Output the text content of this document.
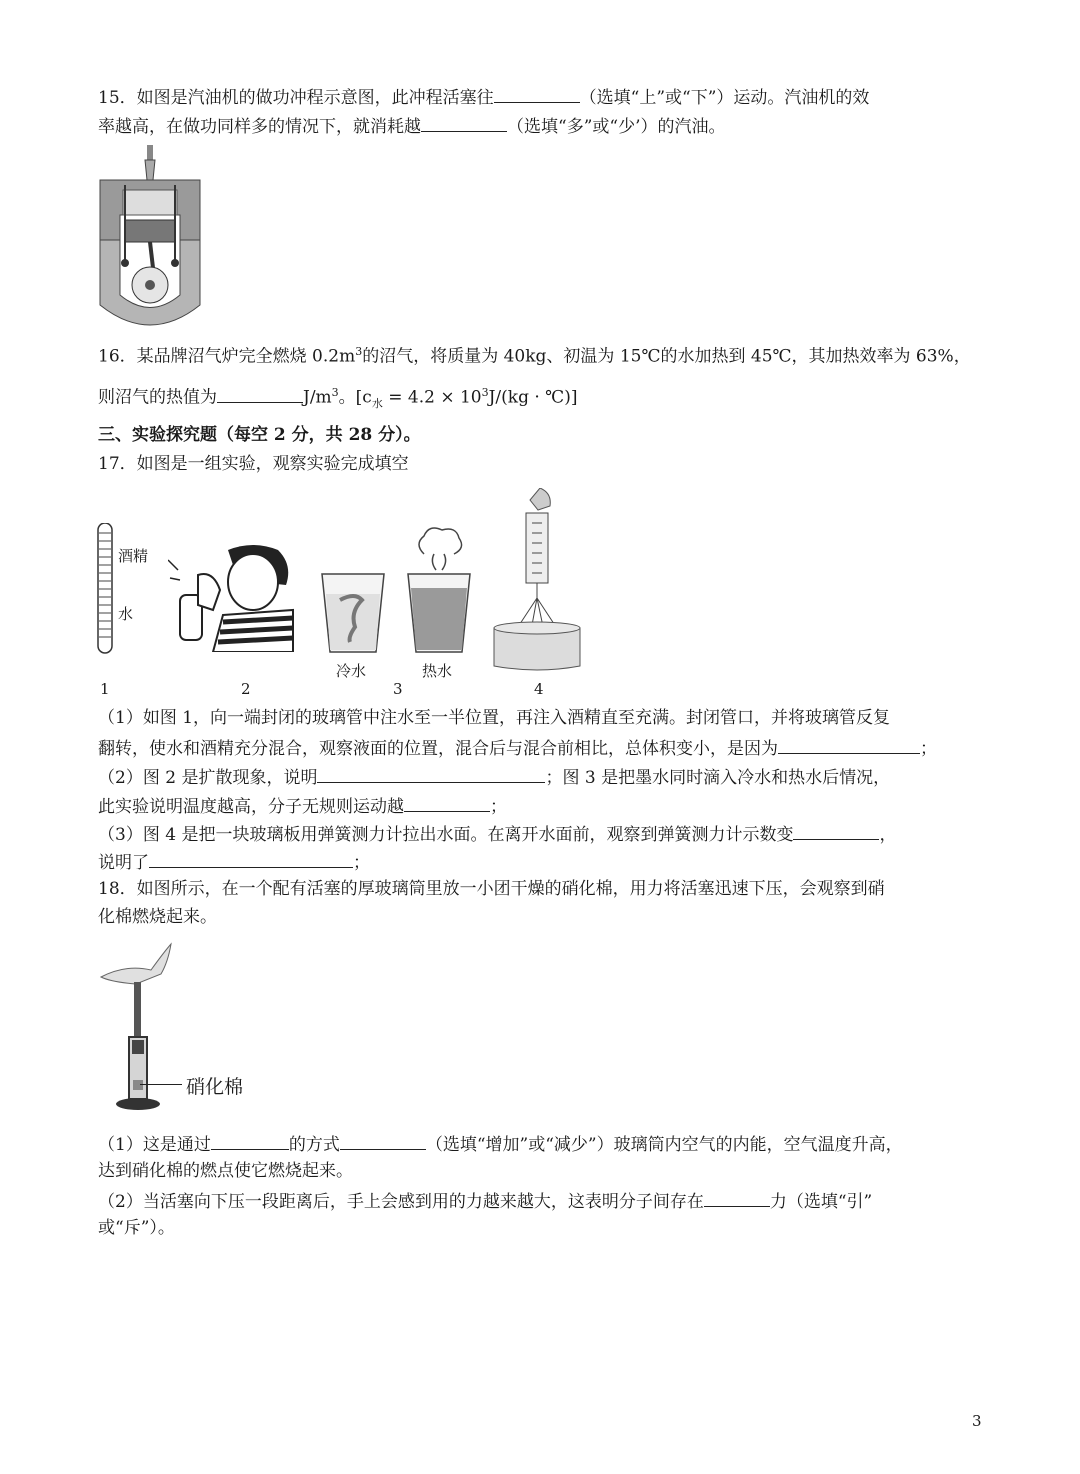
15．如图是汽油机的做功冲程示意图，此冲程活塞往	（选填“上”或“下”）运动。汽油机的效
率越高，在做功同样多的情况下，就消耗越	（选填“多”或“少’）的汽油。
16．某品牌沼气炉完全燃烧 $0.2m^3$的沼气，将质量为 40kg、初温为 15℃的水加热到 45℃，其加热效率为 63%，
则沼气的热值为	$J/m^3$。[$c_水 = 4.2 \times 10^3J/(kg$ · ℃)]
三、实验探究题（每空 2 分，共 28 分）。
17．如图是一组实验，观察实验完成填空
酒精
水
冷水	热水
1	2	3	4
（1）如图 1，向一端封闭的玻璃管中注水至一半位置，再注入酒精直至充满。封闭管口，并将玻璃管反复
翻转，使水和酒精充分混合，观察液面的位置，混合后与混合前相比，总体积变小，是因为	；
（2）图 2 是扩散现象，说明	；图 3 是把墨水同时滴入冷水和热水后情况，
此实验说明温度越高，分子无规则运动越	；
（3）图 4 是把一块玻璃板用弹簧测力计拉出水面。在离开水面前，观察到弹簧测力计示数变	，
说明了	；
18．如图所示，在一个配有活塞的厚玻璃筒里放一小团干燥的硝化棉，用力将活塞迅速下压，会观察到硝
化棉燃烧起来。
硝化棉
（1）这是通过	的方式	（选填“增加”或“减少”）玻璃筒内空气的内能，空气温度升高，
达到硝化棉的燃点使它燃烧起来。
（2）当活塞向下压一段距离后，手上会感到用的力越来越大，这表明分子间存在	力（选填“引”
或“斥”）。
3
